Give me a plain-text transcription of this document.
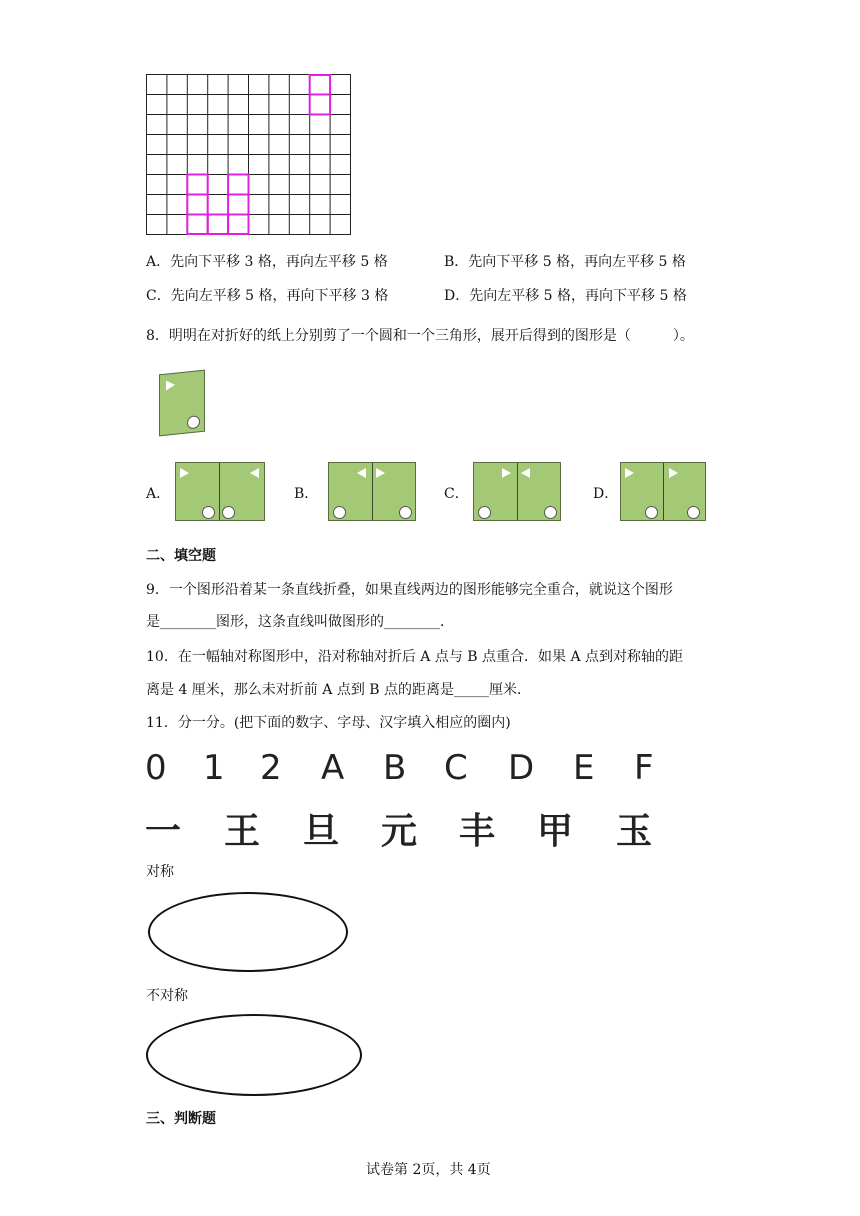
A．先向下平移 3 格，再向左平移 5 格	B．先向下平移 5 格，再向左平移 5 格
C．先向左平移 5 格，再向下平移 3 格	D．先向左平移 5 格，再向下平移 5 格
8．明明在对折好的纸上分别剪了一个圆和一个三角形，展开后得到的图形是（　　　）。
A．	B．	C．	D．
二、填空题
9．一个图形沿着某一条直线折叠，如果直线两边的图形能够完全重合，就说这个图形
是________图形，这条直线叫做图形的________．
10．在一幅轴对称图形中，沿对称轴对折后 A 点与 B 点重合．如果 A 点到对称轴的距
离是 4 厘米，那么未对折前 A 点到 B 点的距离是_____厘米．
11．分一分。(把下面的数字、字母、汉字填入相应的圈内)
0 1 2 A B C D E F
一 王 旦 元 丰 甲 玉
对称
不对称
三、判断题
试卷第 2页，共 4页
